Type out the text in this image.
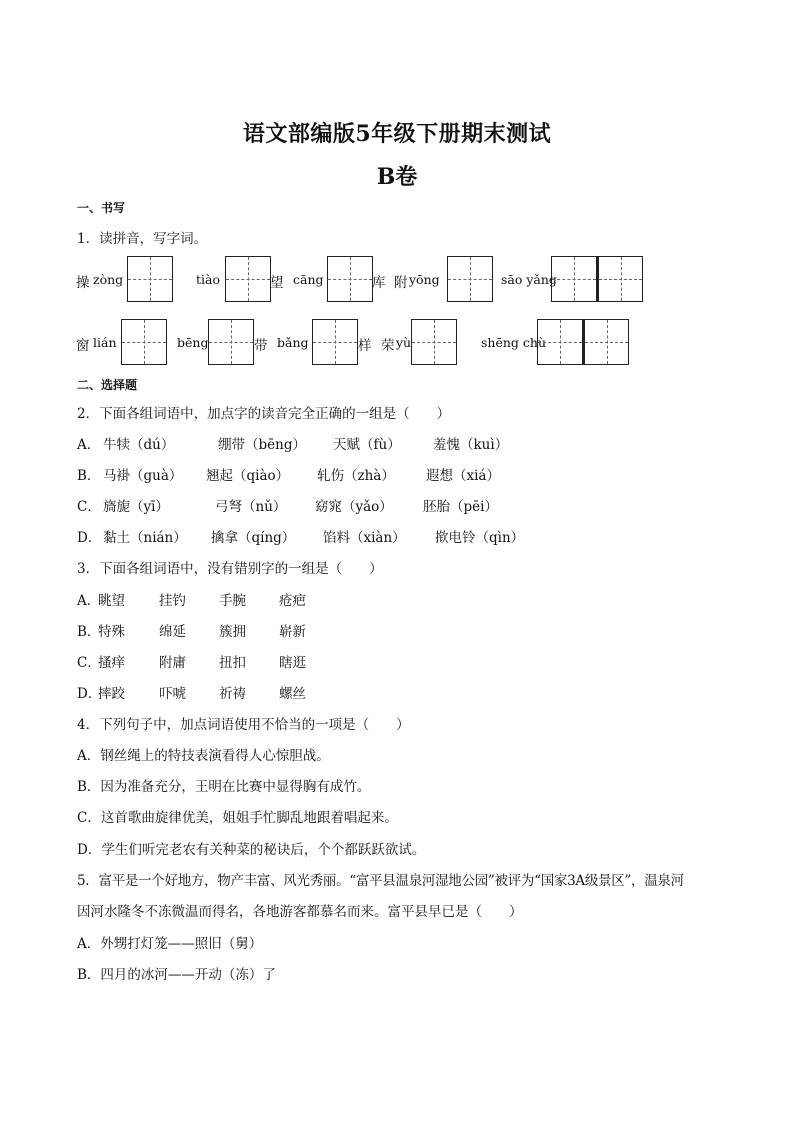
语文部编版5年级下册期末测试
B卷
一、书写
1．读拼音，写字词。
操 zòng	tiào	望 cāng	库 附 yōng	sāo yǎng
窗 lián	bēng	带 bǎng	样 荣 yù	shēng chù
二、选择题
2．下面各组词语中，加点字的读音完全正确的一组是（　　）
A． 牛犊（dú）	绷带（bēng） 天赋（fù） 羞愧（kuì）
B． 马褂（guà） 翘起（qiào） 轧伤（zhà） 遐想（xiá）
C． 旖旎（yī）	弓弩（nǔ） 窈窕（yǎo） 胚胎（pēi）
D． 黏土（nián） 擒拿（qíng） 馅料（xiàn） 揿电铃（qìn）
3．下面各组词语中，没有错别字的一组是（　　）
A．
眺望	挂钓 手腕 疮疤
B．
特殊	绵延 簇拥 崭新
C．
搔痒	附庸 扭扣 瞎逛
D．
摔跤	吓唬 祈祷 螺丝
4．下列句子中，加点词语使用不恰当的一项是（　　）
A．钢丝绳上的特技表演看得人心惊胆战。
B．因为准备充分，王明在比赛中显得胸有成竹。
C．这首歌曲旋律优美，姐姐手忙脚乱地跟着唱起来。
D．学生们听完老农有关种菜的秘诀后，个个都跃跃欲试。
5．富平是一个好地方，物产丰富、风光秀丽。“富平县温泉河湿地公园”被评为“国家3A级景区”，温泉河
因河水隆冬不冻微温而得名，各地游客都慕名而来。富平县早已是（　　）
A．外甥打灯笼——照旧（舅）
B．四月的冰河——开动（冻）了
